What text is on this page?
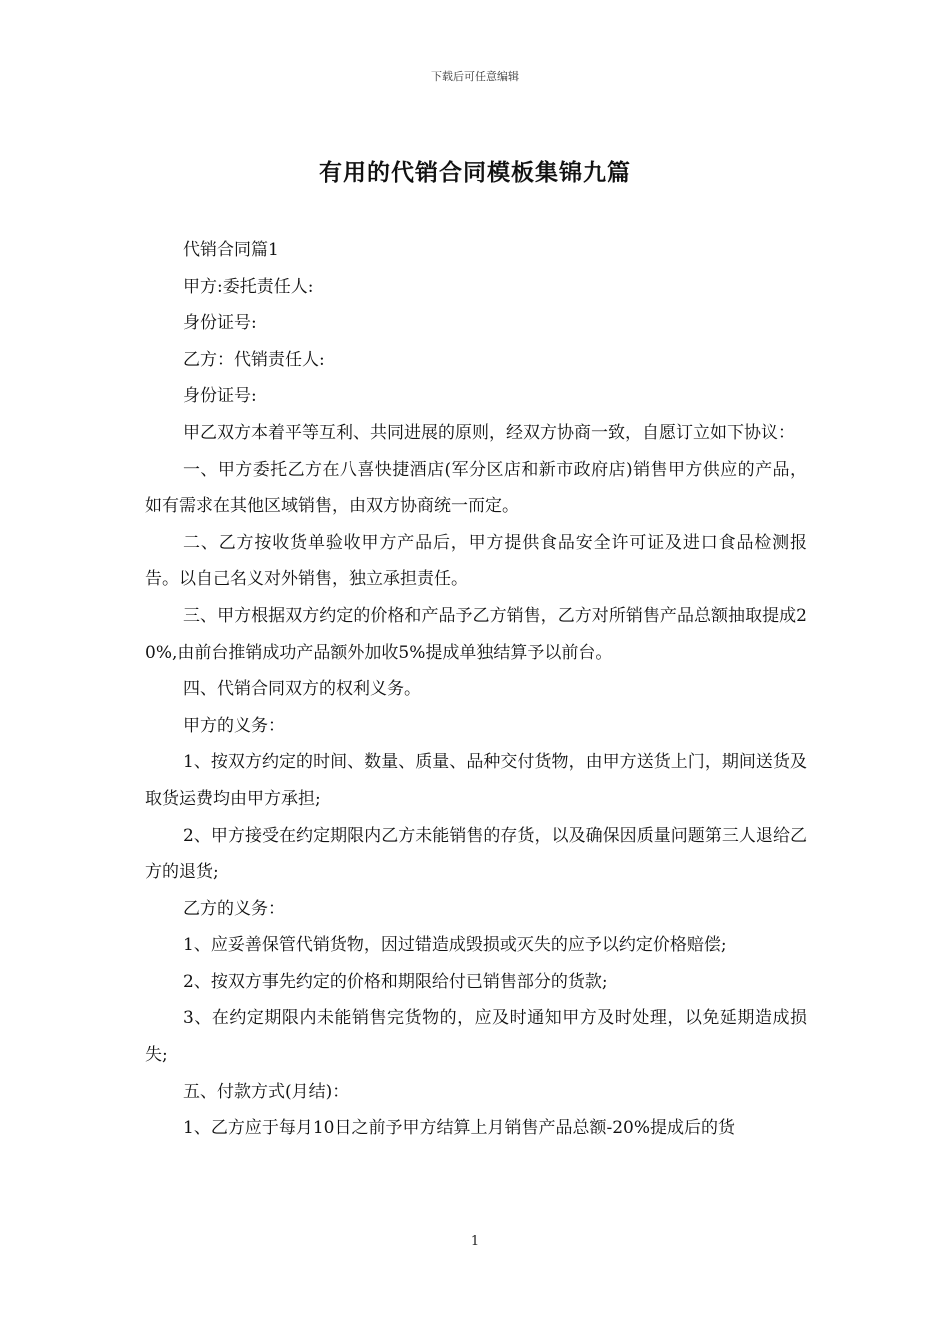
下载后可任意编辑
有用的代销合同模板集锦九篇

代销合同篇1

甲方:委托责任人:

身份证号:

乙方：代销责任人:

身份证号:

甲乙双方本着平等互利、共同进展的原则，经双方协商一致，自愿订立如下协议：

一、甲方委托乙方在八喜快捷酒店(军分区店和新市政府店)销售甲方供应的产品，如有需求在其他区域销售，由双方协商统一而定。

二、乙方按收货单验收甲方产品后，甲方提供食品安全许可证及进口食品检测报告。以自己名义对外销售，独立承担责任。

三、甲方根据双方约定的价格和产品予乙方销售，乙方对所销售产品总额抽取提成20%,由前台推销成功产品额外加收5%提成单独结算予以前台。

四、代销合同双方的权利义务。

甲方的义务：

1、按双方约定的时间、数量、质量、品种交付货物，由甲方送货上门，期间送货及取货运费均由甲方承担;

2、甲方接受在约定期限内乙方未能销售的存货，以及确保因质量问题第三人退给乙方的退货;

乙方的义务：

1、应妥善保管代销货物，因过错造成毁损或灭失的应予以约定价格赔偿;

2、按双方事先约定的价格和期限给付已销售部分的货款;

3、在约定期限内未能销售完货物的，应及时通知甲方及时处理，以免延期造成损失;

五、付款方式(月结)：

1、乙方应于每月10日之前予甲方结算上月销售产品总额-20%提成后的货

1
